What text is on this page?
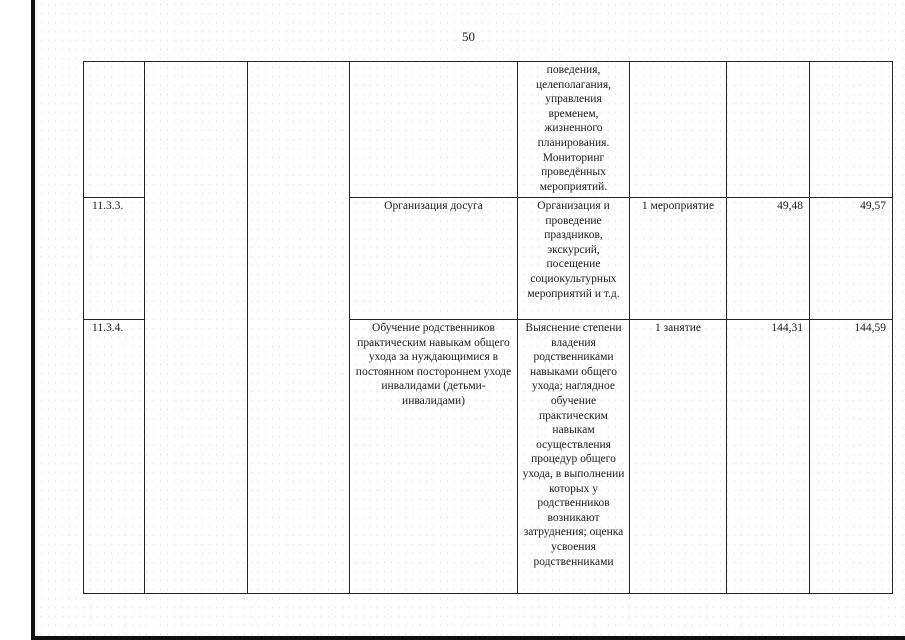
50
				поведения, целеполагания, управления временем, жизненного планирования. Мониторинг проведённых мероприятий.			
11.3.3.			Организация досуга	Организация и проведение праздников, экскурсий, посещение социокультурных мероприятий и т.д.	1 мероприятие	49,48	49,57
11.3.4.			Обучение родственников практическим навыкам общего ухода за нуждающимися в постоянном постороннем уходе инвалидами (детьми-инвалидами)	Выяснение степени владения родственниками навыками общего ухода; наглядное обучение практическим навыкам осуществления процедур общего ухода, в выполнении которых у родственников возникают затруднения; оценка усвоения родственниками	1 занятие	144,31	144,59
